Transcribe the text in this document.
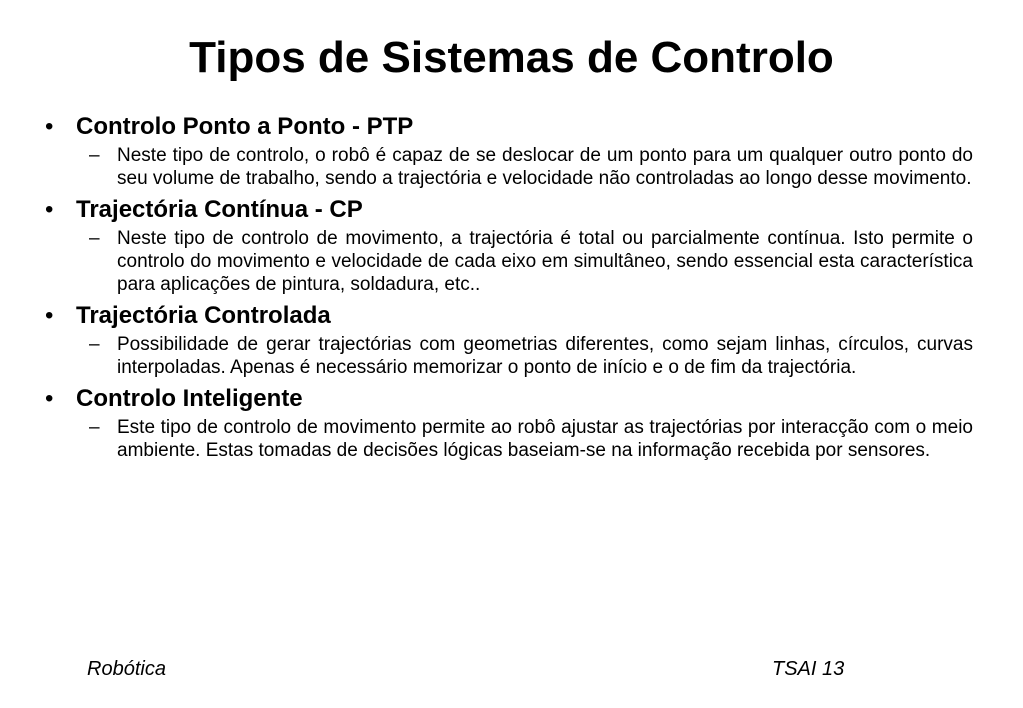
Tipos de Sistemas de Controlo
• Controlo Ponto a Ponto - PTP
– Neste tipo de controlo, o robô é capaz de se deslocar de um ponto para um qualquer outro ponto do seu volume de trabalho, sendo a trajectória e velocidade não controladas ao longo desse movimento.
• Trajectória Contínua - CP
– Neste tipo de controlo de movimento, a trajectória é total ou parcialmente contínua. Isto permite o controlo do movimento e velocidade de cada eixo em simultâneo, sendo essencial esta característica para aplicações de pintura, soldadura, etc..
• Trajectória Controlada
– Possibilidade de gerar trajectórias com geometrias diferentes, como sejam linhas, círculos, curvas interpoladas. Apenas é necessário memorizar o ponto de início e o de fim da trajectória.
• Controlo Inteligente
– Este tipo de controlo de movimento permite ao robô ajustar as trajectórias por interacção com o meio ambiente. Estas tomadas de decisões lógicas baseiam-se na informação recebida por sensores.
Robótica	TSAI 13
